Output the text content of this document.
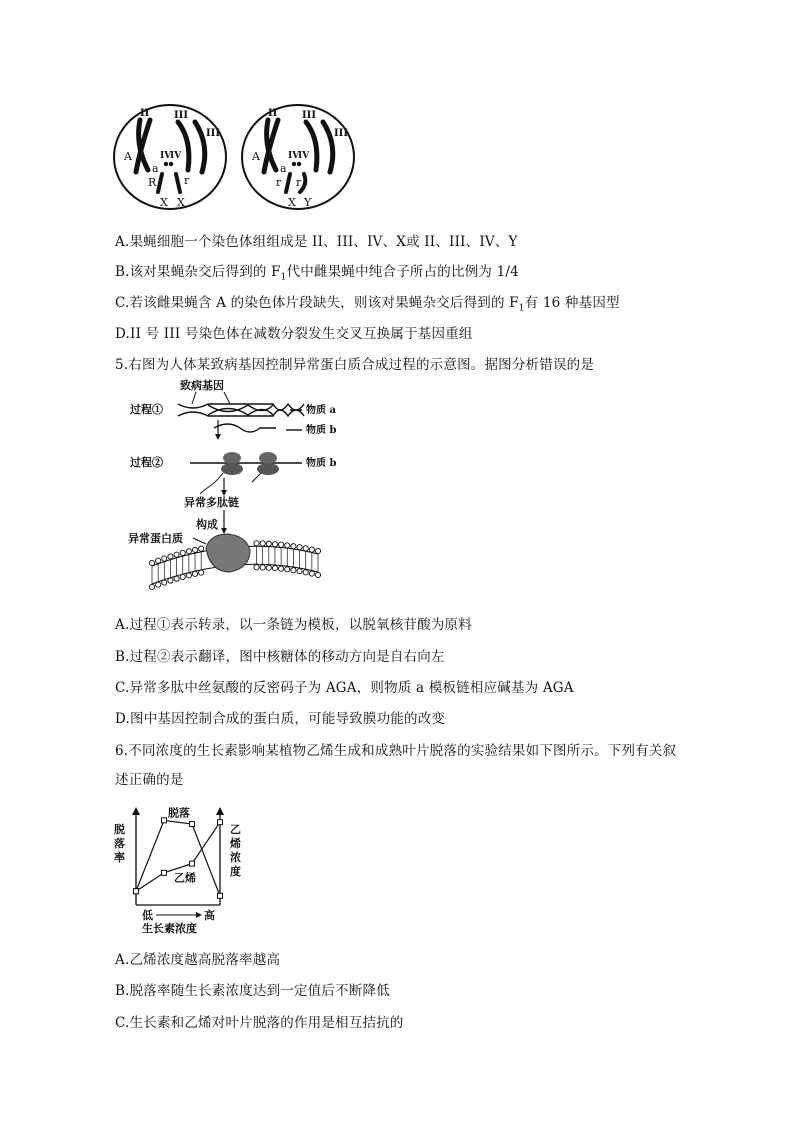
II III
III
IV
IV
A
a
R	r
X X
II III
III
IV
IV
A
a
r r
X Y
A.果蝇细胞一个染色体组组成是 II、III、IV、X或 II、III、IV、Y
B.该对果蝇杂交后得到的 $F_1$代中雌果蝇中纯合子所占的比例为 1/4
C.若该雌果蝇含 A 的染色体片段缺失，则该对果蝇杂交后得到的 $F_1$有 16 种基因型
D.II 号 III 号染色体在减数分裂发生交叉互换属于基因重组
5.右图为人体某致病基因控制异常蛋白质合成过程的示意图。据图分析错误的是
致病基因
过程①	物质 a
物质 b
过程②	物质 b
异常多肽链
构成
异常蛋白质
A.过程①表示转录，以一条链为模板，以脱氧核苷酸为原料
B.过程②表示翻译，图中核糖体的移动方向是自右向左
C.异常多肽中丝氨酸的反密码子为 AGA，则物质 a 模板链相应碱基为 AGA
D.图中基因控制合成的蛋白质，可能导致膜功能的改变
6.不同浓度的生长素影响某植物乙烯生成和成熟叶片脱落的实验结果如下图所示。下列有关叙
述正确的是
脱
落
率
乙
烯
浓
度
低	高
生长素浓度
脱落
乙烯
A.乙烯浓度越高脱落率越高
B.脱落率随生长素浓度达到一定值后不断降低
C.生长素和乙烯对叶片脱落的作用是相互拮抗的
